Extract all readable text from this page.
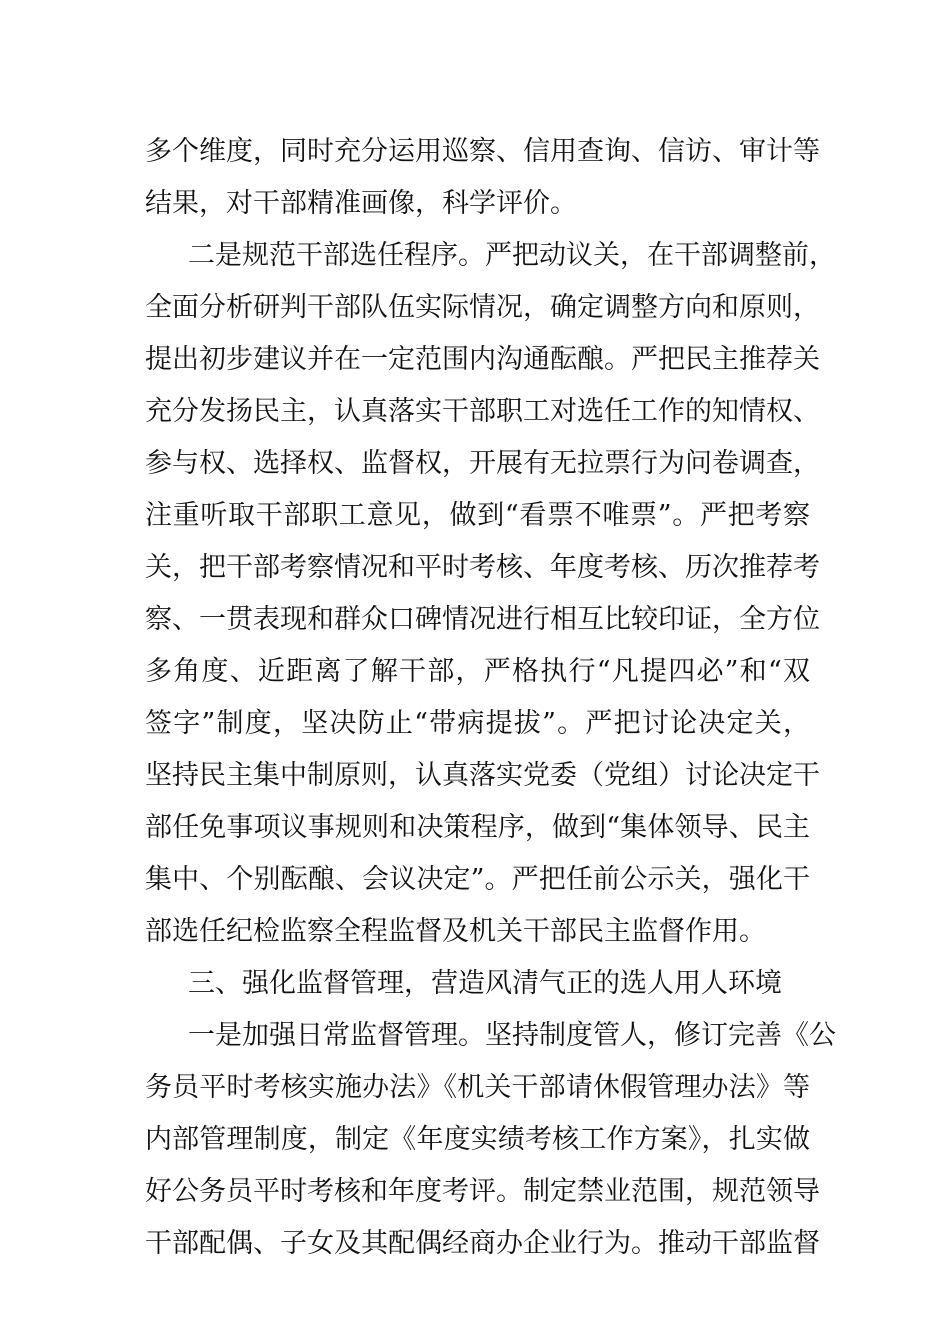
多个维度，同时充分运用巡察、信用查询、信访、审计等
结果，对干部精准画像，科学评价。
二是规范干部选任程序。严把动议关，在干部调整前，
全面分析研判干部队伍实际情况，确定调整方向和原则，
提出初步建议并在一定范围内沟通酝酿。严把民主推荐关
充分发扬民主，认真落实干部职工对选任工作的知情权、
参与权、选择权、监督权，开展有无拉票行为问卷调查，
注重听取干部职工意见，做到“看票不唯票”。严把考察
关，把干部考察情况和平时考核、年度考核、历次推荐考
察、一贯表现和群众口碑情况进行相互比较印证，全方位
多角度、近距离了解干部，严格执行“凡提四必”和“双
签字”制度，坚决防止“带病提拔”。严把讨论决定关，
坚持民主集中制原则，认真落实党委（党组）讨论决定干
部任免事项议事规则和决策程序，做到“集体领导、民主
集中、个别酝酿、会议决定”。严把任前公示关，强化干
部选任纪检监察全程监督及机关干部民主监督作用。
三、强化监督管理，营造风清气正的选人用人环境
一是加强日常监督管理。坚持制度管人，修订完善《公
务员平时考核实施办法》《机关干部请休假管理办法》等
内部管理制度，制定《年度实绩考核工作方案》，扎实做
好公务员平时考核和年度考评。制定禁业范围，规范领导
干部配偶、子女及其配偶经商办企业行为。推动干部监督
